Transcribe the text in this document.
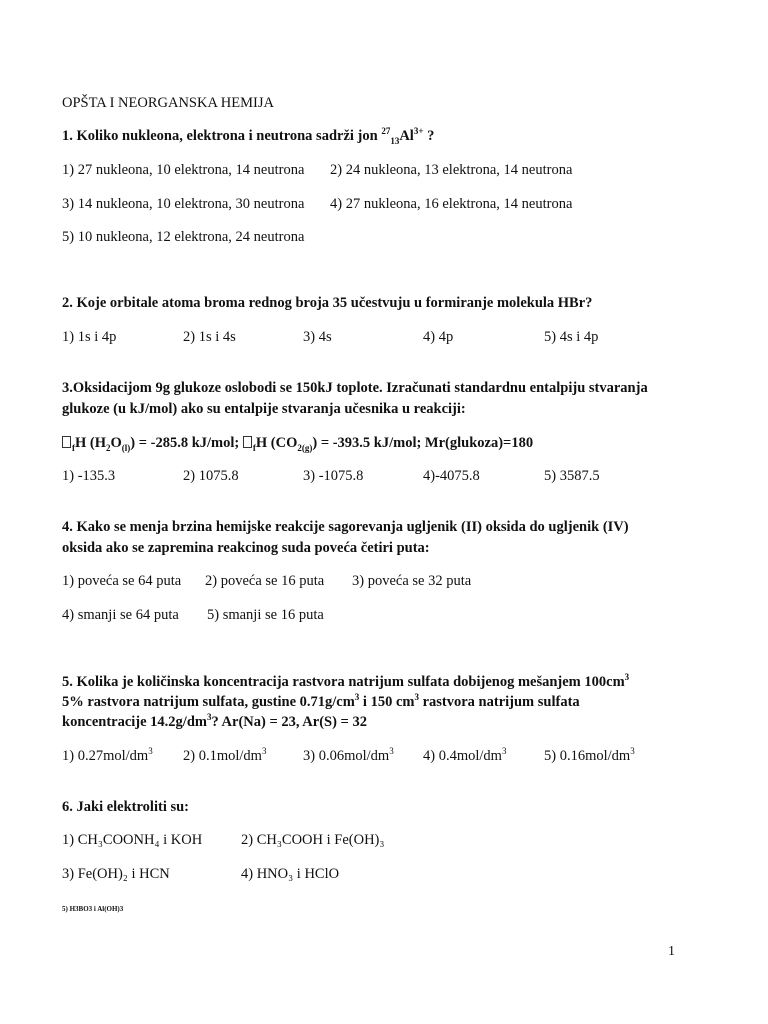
OPŠTA I NEORGANSKA HEMIJA
1. Koliko nukleona, elektrona i neutrona sadrži jon $^{27}_{13}Al^{3+}$ ?
1) 27 nukleona, 10 elektrona, 14 neutrona 2) 24 nukleona, 13 elektrona, 14 neutrona
3) 14 nukleona, 10 elektrona, 30 neutrona 4) 27 nukleona, 16 elektrona, 14 neutrona
5) 10 nukleona, 12 elektrona, 24 neutrona
2. Koje orbitale atoma broma rednog broja 35 učestvuju u formiranje molekula HBr?
1) 1s i 4p	2) 1s i 4s	3) 4s	4) 4p	5) 4s i 4p
3.Oksidacijom 9g glukoze oslobodi se 150kJ toplote. Izračunati standardnu entalpiju stvaranja
glukoze (u kJ/mol) ako su entalpije stvaranja učesnika u reakciji:
$_f$H $(H_2O_{(l)}) = -285.8$ kJ/mol; $_f$H $(CO_{2(g)}) = -393.5$ kJ/mol; Mr(glukoza)=180
1) -135.3	2) 1075.8	3) -1075.8	4)-4075.8	5) 3587.5
4. Kako se menja brzina hemijske reakcije sagorevanja ugljenik (II) oksida do ugljenik (IV)
oksida ako se zapremina reakcinog suda poveća četiri puta:
1) poveća se 64 puta 2) poveća se 16 puta 3) poveća se 32 puta
4) smanji se 64 puta 5) smanji se 16 puta
5. Kolika je količinska koncentracija rastvora natrijum sulfata dobijenog mešanjem $100cm^3$
5% rastvora natrijum sulfata, gustine $0.71g/cm^3$ i 150 $cm^3$ rastvora natrijum sulfata
koncentracije $14.2g/dm^3$? Ar(Na) = 23, Ar(S) = 32
1) $0.27mol/dm^3$ 2) $0.1mol/dm^3$	3) $0.06mol/dm^3$ 4) $0.4mol/dm^3$	5) $0.16mol/dm^3$
6. Jaki elektroliti su:
1) CH₃COONH₄ i KOH	2) CH₃COOH i Fe(OH)₃
3) Fe(OH)₂ i HCN	4) HNO₃ i HClO
5) H3BO3 i Al(OH)3
1
